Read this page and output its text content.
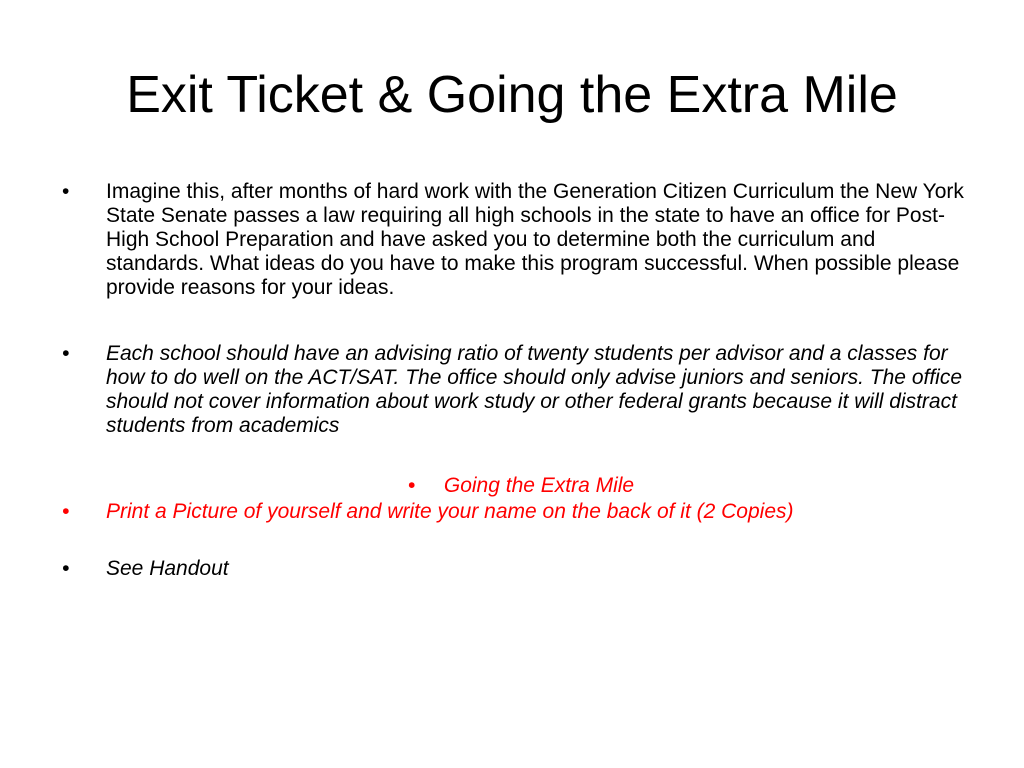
Exit Ticket & Going the Extra Mile
• Imagine this, after months of hard work with the Generation Citizen Curriculum the New York State Senate passes a law requiring all high schools in the state to have an office for Post-High School Preparation and have asked you to determine both the curriculum and standards. What ideas do you have to make this program successful. When possible please provide reasons for your ideas.
• Each school should have an advising ratio of twenty students per advisor and a classes for how to do well on the ACT/SAT. The office should only advise juniors and seniors. The office should not cover information about work study or other federal grants because it will distract students from academics
• Going the Extra Mile
• Print a Picture of yourself and write your name on the back of it (2 Copies)
• See Handout
